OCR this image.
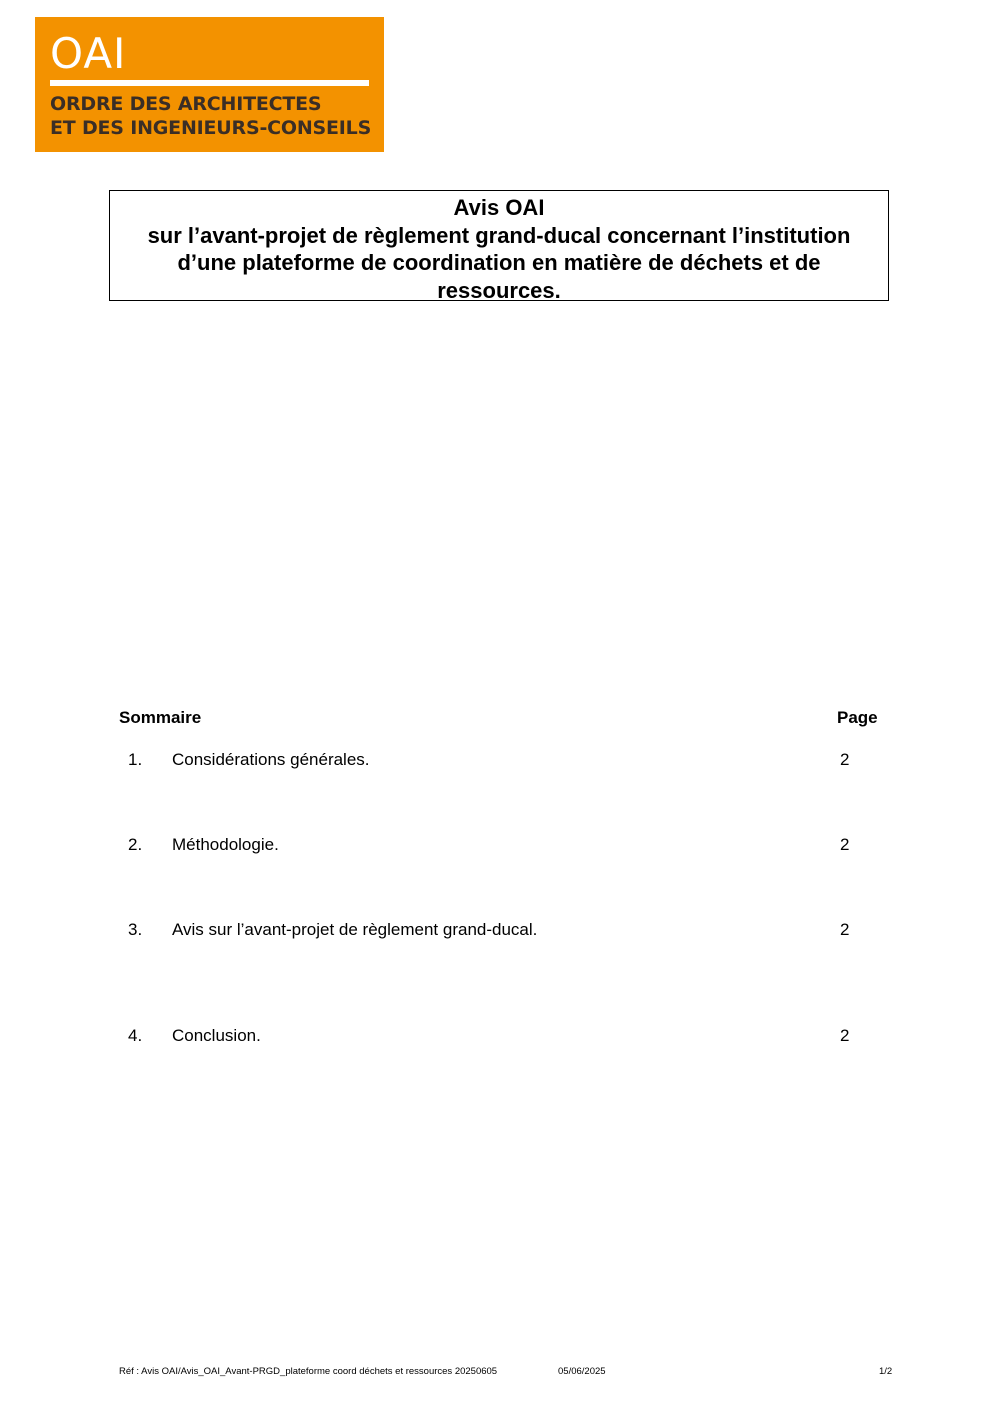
OAI
ORDRE DES ARCHITECTES
ET DES INGENIEURS-CONSEILS
Avis OAI
sur l’avant-projet de règlement grand-ducal concernant l’institution
d’une plateforme de coordination en matière de déchets et de
ressources.
Sommaire	Page
1. Considérations générales.	2
2. Méthodologie.	2
3. Avis sur l’avant-projet de règlement grand-ducal.	2
4. Conclusion.	2
Réf : Avis OAI/Avis_OAI_Avant-PRGD_plateforme coord déchets et ressources 20250605	05/06/2025	1/2
